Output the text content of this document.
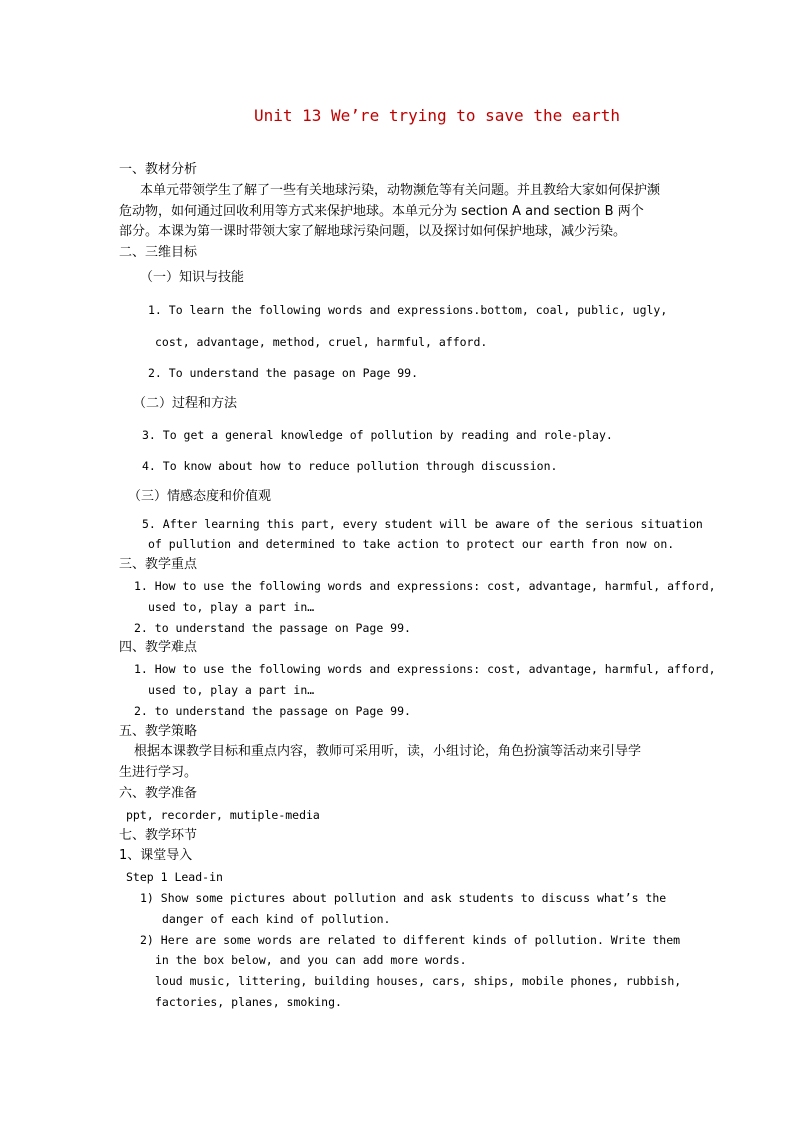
Unit 13 We’re trying to save the earth
一、教材分析
本单元带领学生了解了一些有关地球污染，动物濒危等有关问题。并且教给大家如何保护濒
危动物，如何通过回收利用等方式来保护地球。本单元分为 section A and section B 两个
部分。本课为第一课时带领大家了解地球污染问题，以及探讨如何保护地球，减少污染。
二、三维目标
（一）知识与技能
1. To learn the following words and expressions.bottom, coal, public, ugly,
cost, advantage, method, cruel, harmful, afford.
2. To understand the pasage on Page 99.
（二）过程和方法
3. To get a general knowledge of pollution by reading and role-play.
4. To know about how to reduce pollution through discussion.
（三）情感态度和价值观
5. After learning this part, every student will be aware of the serious situation
of pullution and determined to take action to protect our earth fron now on.
三、教学重点
1. How to use the following words and expressions: cost, advantage, harmful, afford,
used to, play a part in…
2. to understand the passage on Page 99.
四、教学难点
1. How to use the following words and expressions: cost, advantage, harmful, afford,
used to, play a part in…
2. to understand the passage on Page 99.
五、教学策略
根据本课教学目标和重点内容，教师可采用听，读，小组讨论，角色扮演等活动来引导学
生进行学习。
六、教学准备
ppt, recorder, mutiple-media
七、教学环节
1、课堂导入
Step 1 Lead-in
1) Show some pictures about pollution and ask students to discuss what’s the
danger of each kind of pollution.
2) Here are some words are related to different kinds of pollution. Write them
in the box below, and you can add more words.
loud music, littering, building houses, cars, ships, mobile phones, rubbish,
factories, planes, smoking.
